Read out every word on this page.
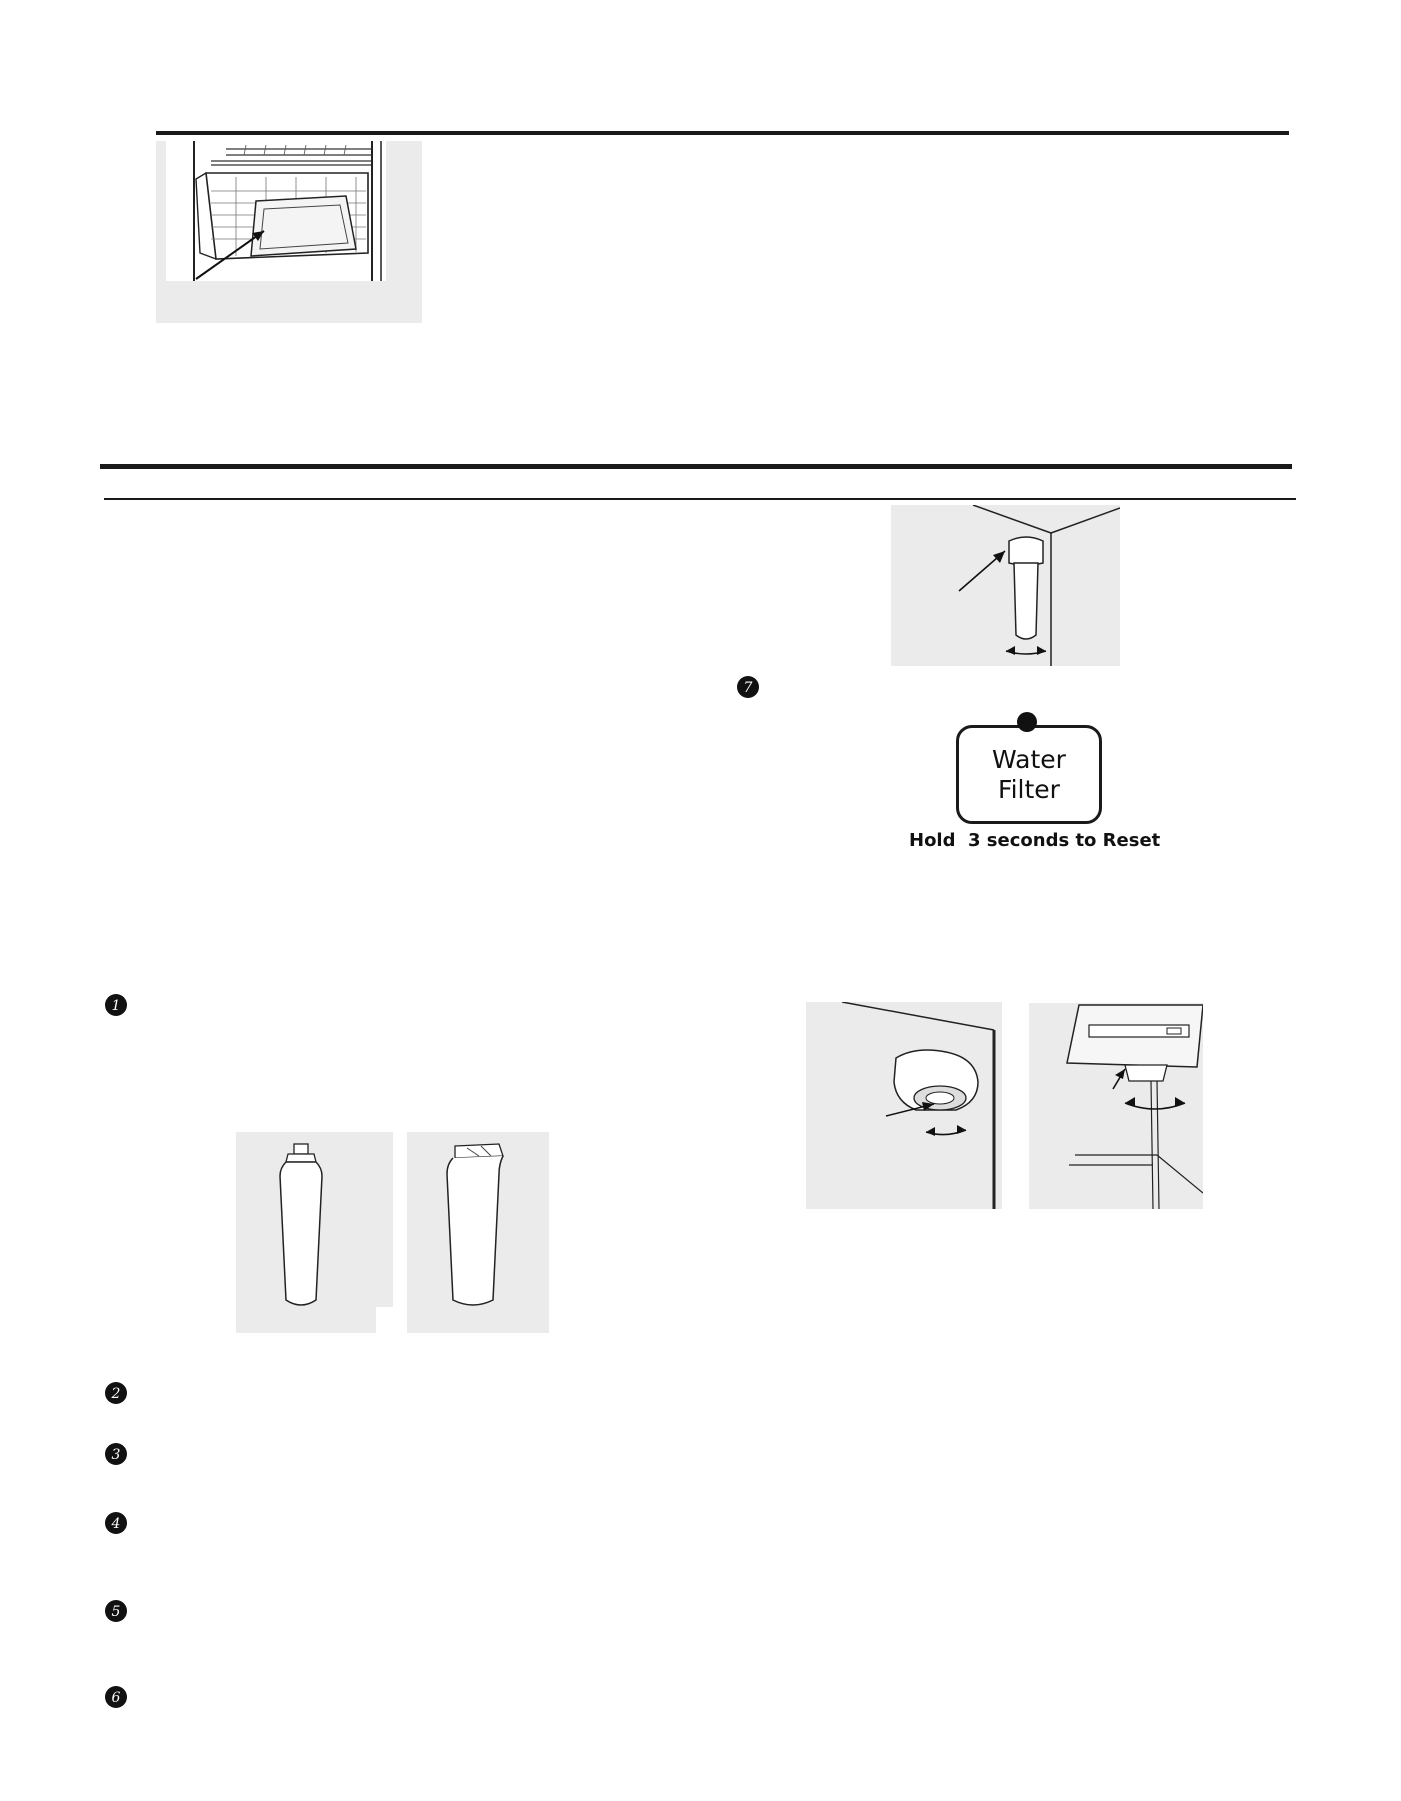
7
Water
Filter
Hold  3 seconds to Reset
1
2
3
4
5
6
